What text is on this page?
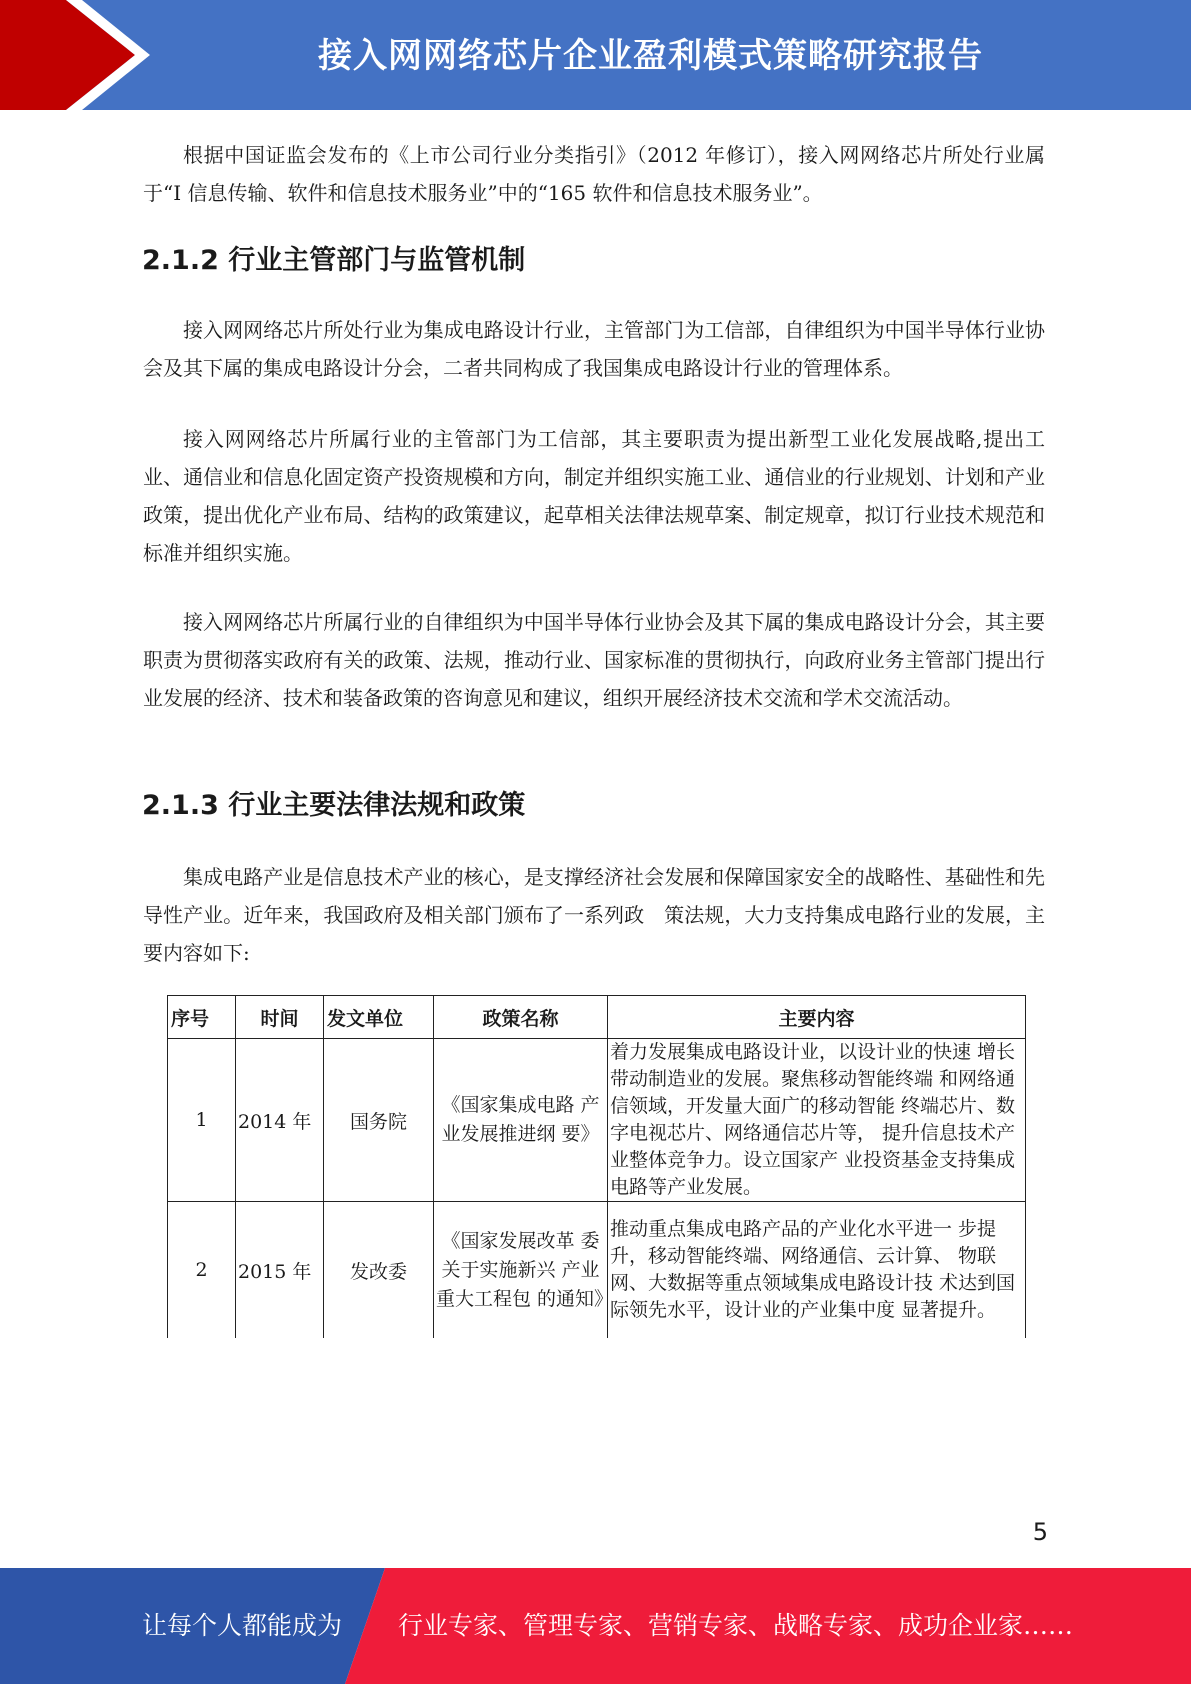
接入网网络芯片企业盈利模式策略研究报告

根据中国证监会发布的《上市公司行业分类指引》（2012 年修订），接入网网络芯片所处行业属于“I 信息传输、软件和信息技术服务业”中的“165 软件和信息技术服务业”。

2.1.2 行业主管部门与监管机制

接入网网络芯片所处行业为集成电路设计行业，主管部门为工信部，自律组织为中国半导体行业协会及其下属的集成电路设计分会，二者共同构成了我国集成电路设计行业的管理体系。

接入网网络芯片所属行业的主管部门为工信部，其主要职责为提出新型工业化发展战略,提出工业、通信业和信息化固定资产投资规模和方向，制定并组织实施工业、通信业的行业规划、计划和产业政策，提出优化产业布局、结构的政策建议，起草相关法律法规草案、制定规章，拟订行业技术规范和标准并组织实施。

接入网网络芯片所属行业的自律组织为中国半导体行业协会及其下属的集成电路设计分会，其主要职责为贯彻落实政府有关的政策、法规，推动行业、国家标准的贯彻执行，向政府业务主管部门提出行业发展的经济、技术和装备政策的咨询意见和建议，组织开展经济技术交流和学术交流活动。

2.1.3 行业主要法律法规和政策

集成电路产业是信息技术产业的核心，是支撑经济社会发展和保障国家安全的战略性、基础性和先导性产业。近年来，我国政府及相关部门颁布了一系列政　策法规，大力支持集成电路行业的发展，主要内容如下:

序号	时间	发文单位	政策名称	主要内容
1	2014 年	国务院	《国家集成电路 产业发展推进纲 要》	着力发展集成电路设计业，以设计业的快速 增长带动制造业的发展。聚焦移动智能终端 和网络通信领域，开发量大面广的移动智能 终端芯片、数字电视芯片、网络通信芯片等， 提升信息技术产业整体竞争力。设立国家产 业投资基金支持集成电路等产业发展。
2	2015 年	发改委	《国家发展改革 委关于实施新兴 产业重大工程包 的通知》	推动重点集成电路产品的产业化水平进一 步提升，移动智能终端、网络通信、云计算、 物联网、大数据等重点领域集成电路设计技 术达到国际领先水平，设计业的产业集中度 显著提升。
5
让每个人都能成为 行业专家、管理专家、营销专家、战略专家、成功企业家……
